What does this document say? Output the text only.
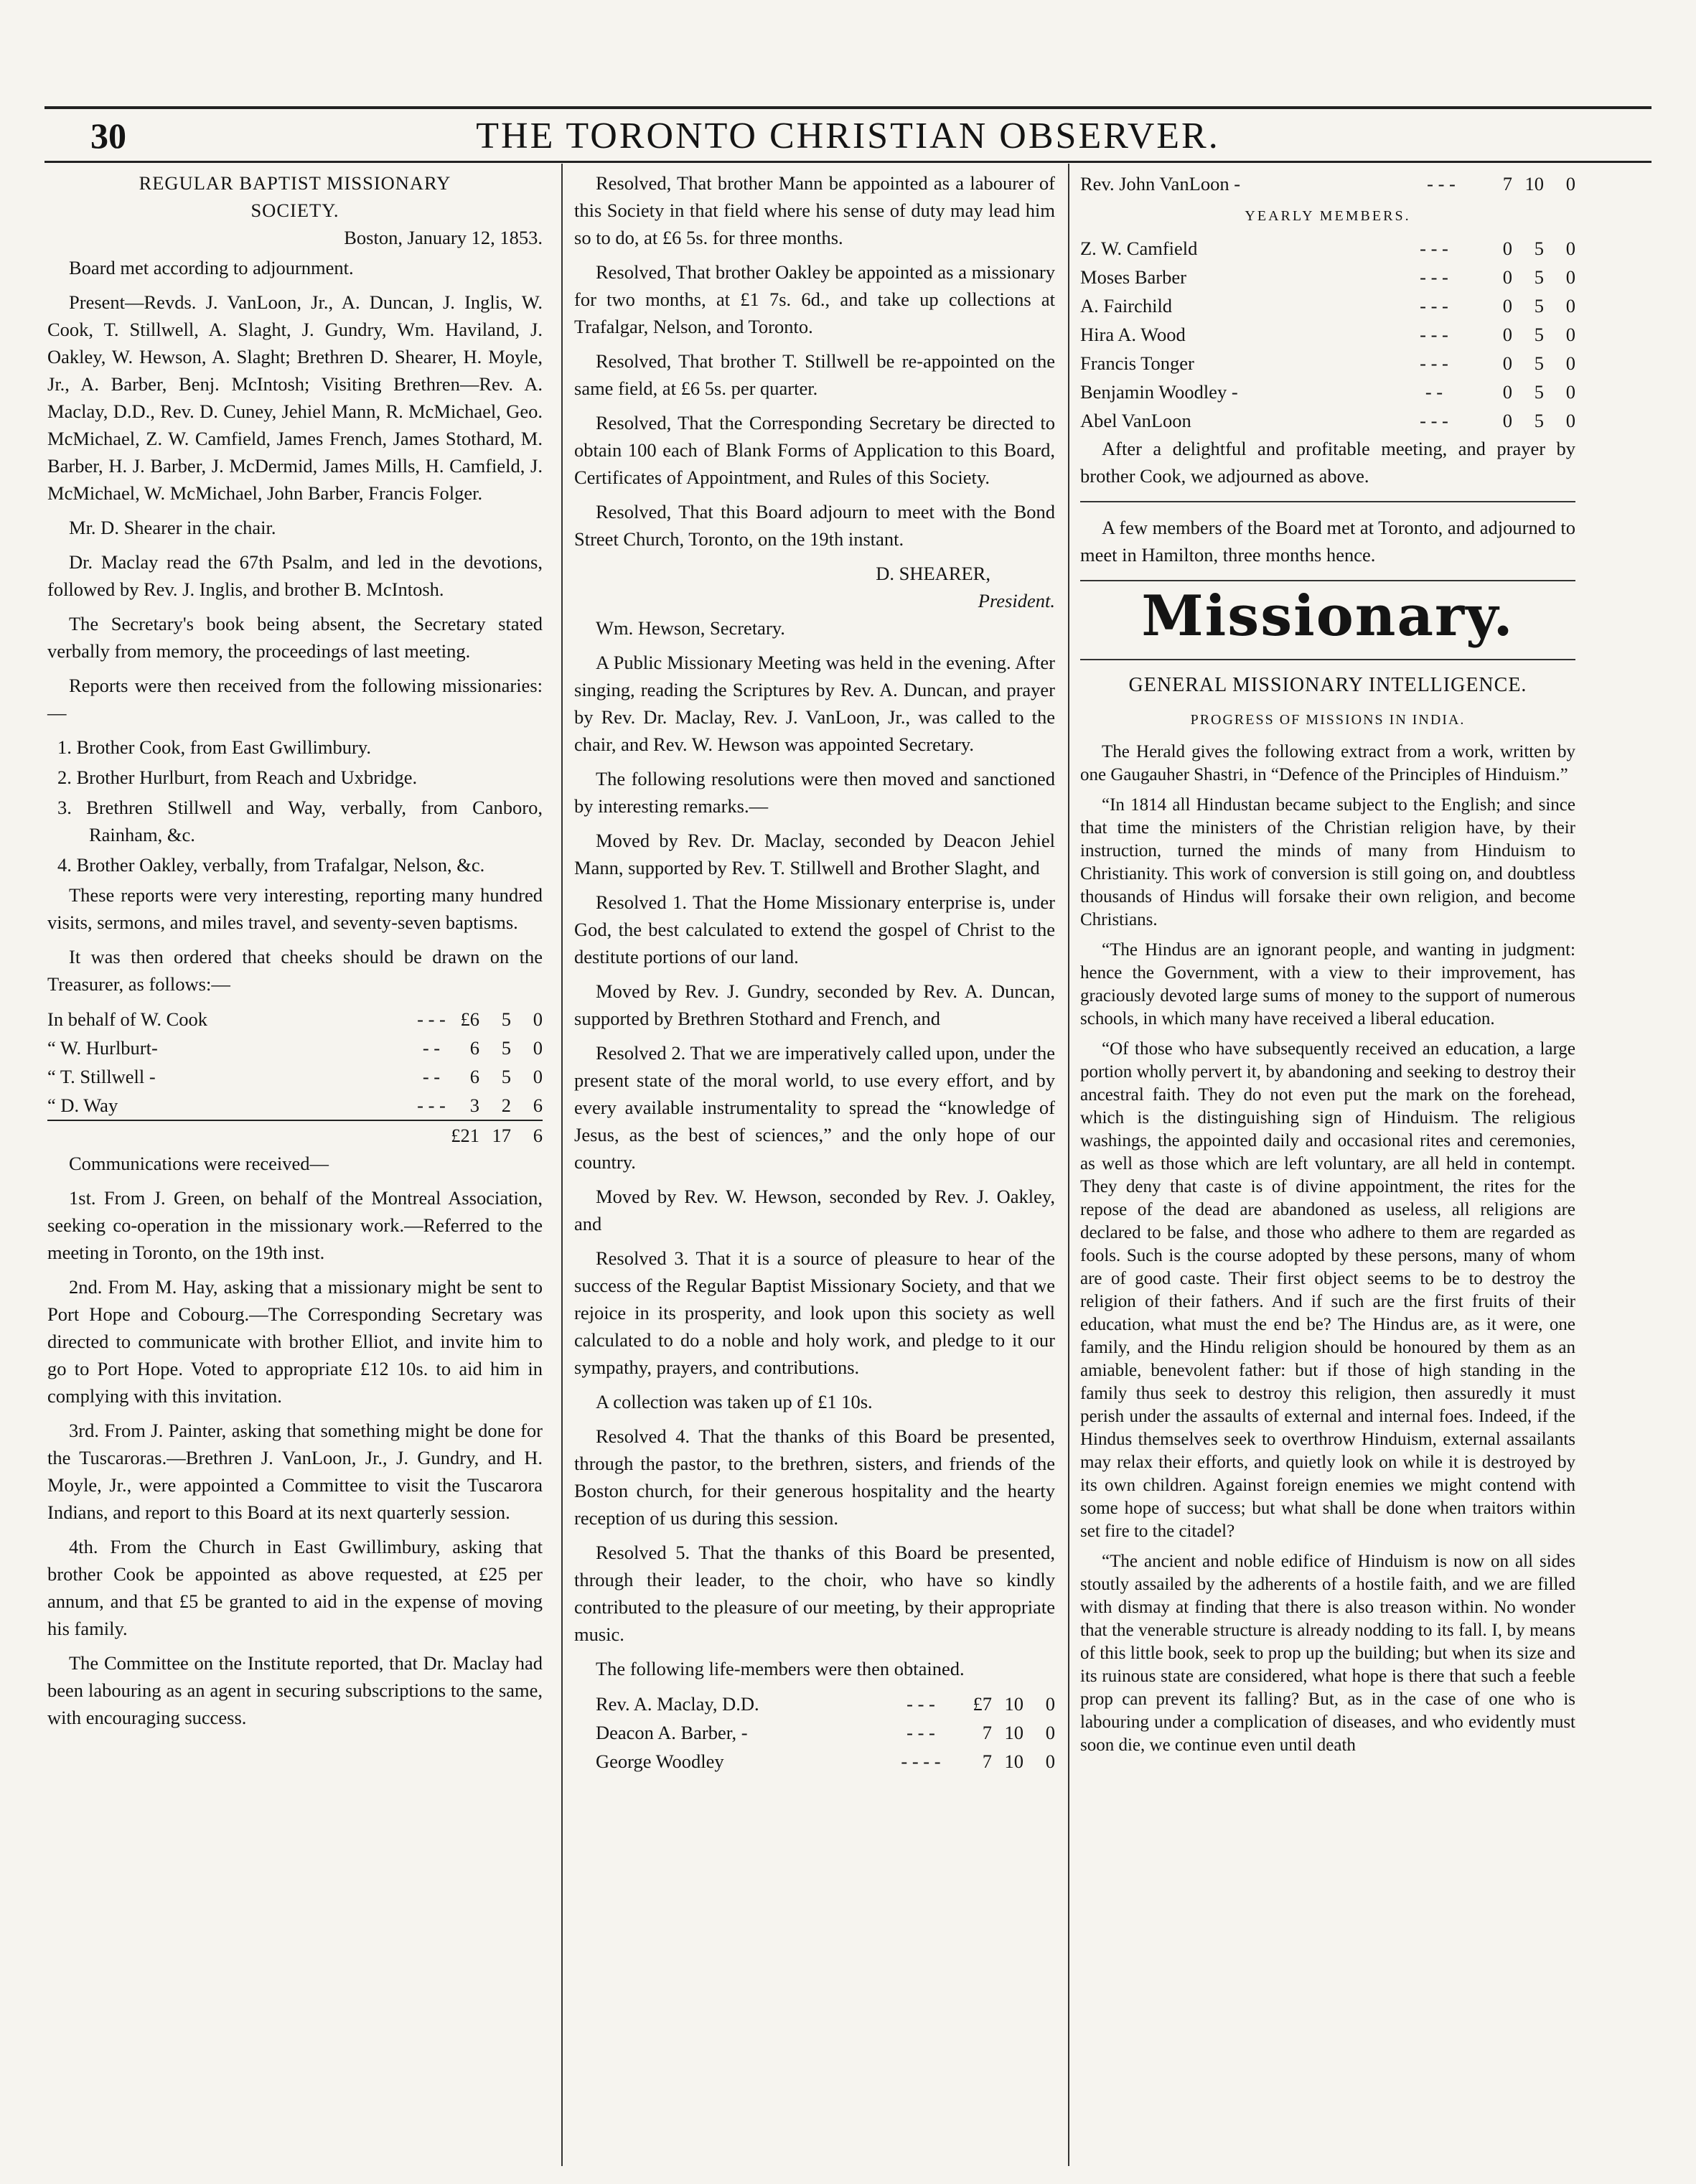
30	THE TORONTO CHRISTIAN OBSERVER.

REGULAR BAPTIST MISSIONARY

SOCIETY.

Boston, January 12, 1853.

Board met according to adjournment.

Present—Revds. J. VanLoon, Jr., A. Duncan, J. Inglis, W. Cook, T. Stillwell, A. Slaght, J. Gundry, Wm. Haviland, J. Oakley, W. Hewson, A. Slaght; Brethren D. Shearer, H. Moyle, Jr., A. Barber, Benj. McIntosh; Visiting Brethren—Rev. A. Maclay, D.D., Rev. D. Cuney, Jehiel Mann, R. McMichael, Geo. McMichael, Z. W. Camfield, James French, James Stothard, M. Barber, H. J. Barber, J. McDermid, James Mills, H. Camfield, J. McMichael, W. McMichael, John Barber, Francis Folger.

Mr. D. Shearer in the chair.

Dr. Maclay read the 67th Psalm, and led in the devotions, followed by Rev. J. Inglis, and brother B. McIntosh.

The Secretary's book being absent, the Secretary stated verbally from memory, the proceedings of last meeting.

Reports were then received from the following missionaries:—

1. Brother Cook, from East Gwillimbury.

2. Brother Hurlburt, from Reach and Uxbridge.

3. Brethren Stillwell and Way, verbally, from Canboro, Rainham, &c.

4. Brother Oakley, verbally, from Trafalgar, Nelson, &c.

These reports were very interesting, reporting many hundred visits, sermons, and miles travel, and seventy-seven baptisms.

It was then ordered that cheeks should be drawn on the Treasurer, as follows:—

In behalf of W. Cook	- - -	£6	5	0
“ W. Hurlburt-	- -	6	5	0
“ T. Stillwell -	- -	6	5	0
“ D. Way	- - -	3	2	6
		£21	17	6

Communications were received—

1st. From J. Green, on behalf of the Montreal Association, seeking co-operation in the missionary work.—Referred to the meeting in Toronto, on the 19th inst.

2nd. From M. Hay, asking that a missionary might be sent to Port Hope and Cobourg.—The Corresponding Secretary was directed to communicate with brother Elliot, and invite him to go to Port Hope. Voted to appropriate £12 10s. to aid him in complying with this invitation.

3rd. From J. Painter, asking that something might be done for the Tuscaroras.—Brethren J. VanLoon, Jr., J. Gundry, and H. Moyle, Jr., were appointed a Committee to visit the Tuscarora Indians, and report to this Board at its next quarterly session.

4th. From the Church in East Gwillimbury, asking that brother Cook be appointed as above requested, at £25 per annum, and that £5 be granted to aid in the expense of moving his family.

The Committee on the Institute reported, that Dr. Maclay had been labouring as an agent in securing subscriptions to the same, with encouraging success.

Resolved, That brother Mann be appointed as a labourer of this Society in that field where his sense of duty may lead him so to do, at £6 5s. for three months.

Resolved, That brother Oakley be appointed as a missionary for two months, at £1 7s. 6d., and take up collections at Trafalgar, Nelson, and Toronto.

Resolved, That brother T. Stillwell be re-appointed on the same field, at £6 5s. per quarter.

Resolved, That the Corresponding Secretary be directed to obtain 100 each of Blank Forms of Application to this Board, Certificates of Appointment, and Rules of this Society.

Resolved, That this Board adjourn to meet with the Bond Street Church, Toronto, on the 19th instant.

D. SHEARER,

President.

Wm. Hewson, Secretary.

A Public Missionary Meeting was held in the evening. After singing, reading the Scriptures by Rev. A. Duncan, and prayer by Rev. Dr. Maclay, Rev. J. VanLoon, Jr., was called to the chair, and Rev. W. Hewson was appointed Secretary.

The following resolutions were then moved and sanctioned by interesting remarks.—

Moved by Rev. Dr. Maclay, seconded by Deacon Jehiel Mann, supported by Rev. T. Stillwell and Brother Slaght, and

Resolved 1. That the Home Missionary enterprise is, under God, the best calculated to extend the gospel of Christ to the destitute portions of our land.

Moved by Rev. J. Gundry, seconded by Rev. A. Duncan, supported by Brethren Stothard and French, and

Resolved 2. That we are imperatively called upon, under the present state of the moral world, to use every effort, and by every available instrumentality to spread the “knowledge of Jesus, as the best of sciences,” and the only hope of our country.

Moved by Rev. W. Hewson, seconded by Rev. J. Oakley, and

Resolved 3. That it is a source of pleasure to hear of the success of the Regular Baptist Missionary Society, and that we rejoice in its prosperity, and look upon this society as well calculated to do a noble and holy work, and pledge to it our sympathy, prayers, and contributions.

A collection was taken up of £1 10s.

Resolved 4. That the thanks of this Board be presented, through the pastor, to the brethren, sisters, and friends of the Boston church, for their generous hospitality and the hearty reception of us during this session.

Resolved 5. That the thanks of this Board be presented, through their leader, to the choir, who have so kindly contributed to the pleasure of our meeting, by their appropriate music.

The following life-members were then obtained.

Rev. A. Maclay, D.D.	- - -	£7	10	0
Deacon A. Barber, -	- - -	7	10	0
George Woodley	- - - -	7	10	0
Rev. John VanLoon -	- - -	7	10	0

YEARLY MEMBERS.

Z. W. Camfield	- - -	0	5	0
Moses Barber	- - -	0	5	0
A. Fairchild	- - -	0	5	0
Hira A. Wood	- - -	0	5	0
Francis Tonger	- - -	0	5	0
Benjamin Woodley -	- -	0	5	0
Abel VanLoon	- - -	0	5	0

After a delightful and profitable meeting, and prayer by brother Cook, we adjourned as above.

A few members of the Board met at Toronto, and adjourned to meet in Hamilton, three months hence.

Missionary.

GENERAL MISSIONARY INTELLIGENCE.

PROGRESS OF MISSIONS IN INDIA.

The Herald gives the following extract from a work, written by one Gaugauher Shastri, in “Defence of the Principles of Hinduism.”

“In 1814 all Hindustan became subject to the English; and since that time the ministers of the Christian religion have, by their instruction, turned the minds of many from Hinduism to Christianity. This work of conversion is still going on, and doubtless thousands of Hindus will forsake their own religion, and become Christians.

“The Hindus are an ignorant people, and wanting in judgment: hence the Government, with a view to their improvement, has graciously devoted large sums of money to the support of numerous schools, in which many have received a liberal education.

“Of those who have subsequently received an education, a large portion wholly pervert it, by abandoning and seeking to destroy their ancestral faith. They do not even put the mark on the forehead, which is the distinguishing sign of Hinduism. The religious washings, the appointed daily and occasional rites and ceremonies, as well as those which are left voluntary, are all held in contempt. They deny that caste is of divine appointment, the rites for the repose of the dead are abandoned as useless, all religions are declared to be false, and those who adhere to them are regarded as fools. Such is the course adopted by these persons, many of whom are of good caste. Their first object seems to be to destroy the religion of their fathers. And if such are the first fruits of their education, what must the end be? The Hindus are, as it were, one family, and the Hindu religion should be honoured by them as an amiable, benevolent father: but if those of high standing in the family thus seek to destroy this religion, then assuredly it must perish under the assaults of external and internal foes. Indeed, if the Hindus themselves seek to overthrow Hinduism, external assailants may relax their efforts, and quietly look on while it is destroyed by its own children. Against foreign enemies we might contend with some hope of success; but what shall be done when traitors within set fire to the citadel?

“The ancient and noble edifice of Hinduism is now on all sides stoutly assailed by the adherents of a hostile faith, and we are filled with dismay at finding that there is also treason within. No wonder that the venerable structure is already nodding to its fall. I, by means of this little book, seek to prop up the building; but when its size and its ruinous state are considered, what hope is there that such a feeble prop can prevent its falling? But, as in the case of one who is labouring under a complication of diseases, and who evidently must soon die, we continue even until death
